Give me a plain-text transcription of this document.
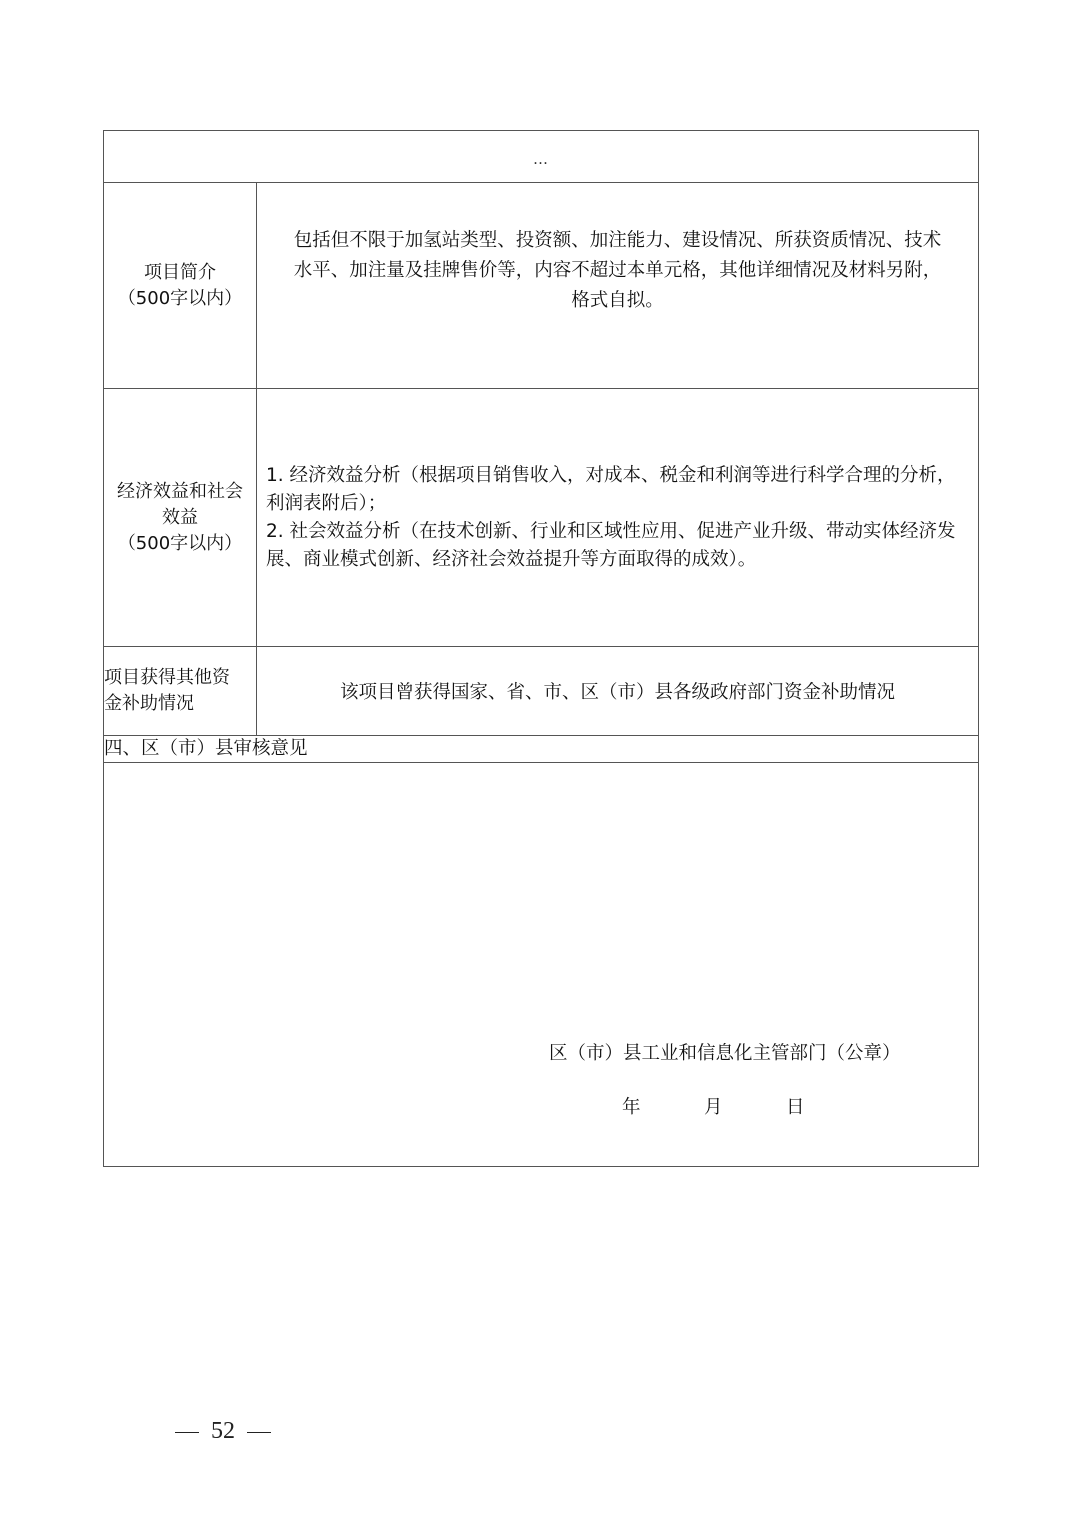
…	

项目简介
（500字以内）	包括但不限于加氢站类型、投资额、加注能力、建设情况、所获资质情况、技术
水平、加注量及挂牌售价等，内容不超过本单元格，其他详细情况及材料另附，
格式自拟。

经济效益和社会
效益
（500字以内）	1. 经济效益分析（根据项目销售收入，对成本、税金和利润等进行科学合理的分析，
利润表附后）；
2. 社会效益分析（在技术创新、行业和区域性应用、促进产业升级、带动实体经济发
展、商业模式创新、经济社会效益提升等方面取得的成效）。

项目获得其他资
金补助情况	该项目曾获得国家、省、市、区（市）县各级政府部门资金补助情况
四、区（市）县审核意见	

区（市）县工业和信息化主管部门（公章）
年 月 日	
52
